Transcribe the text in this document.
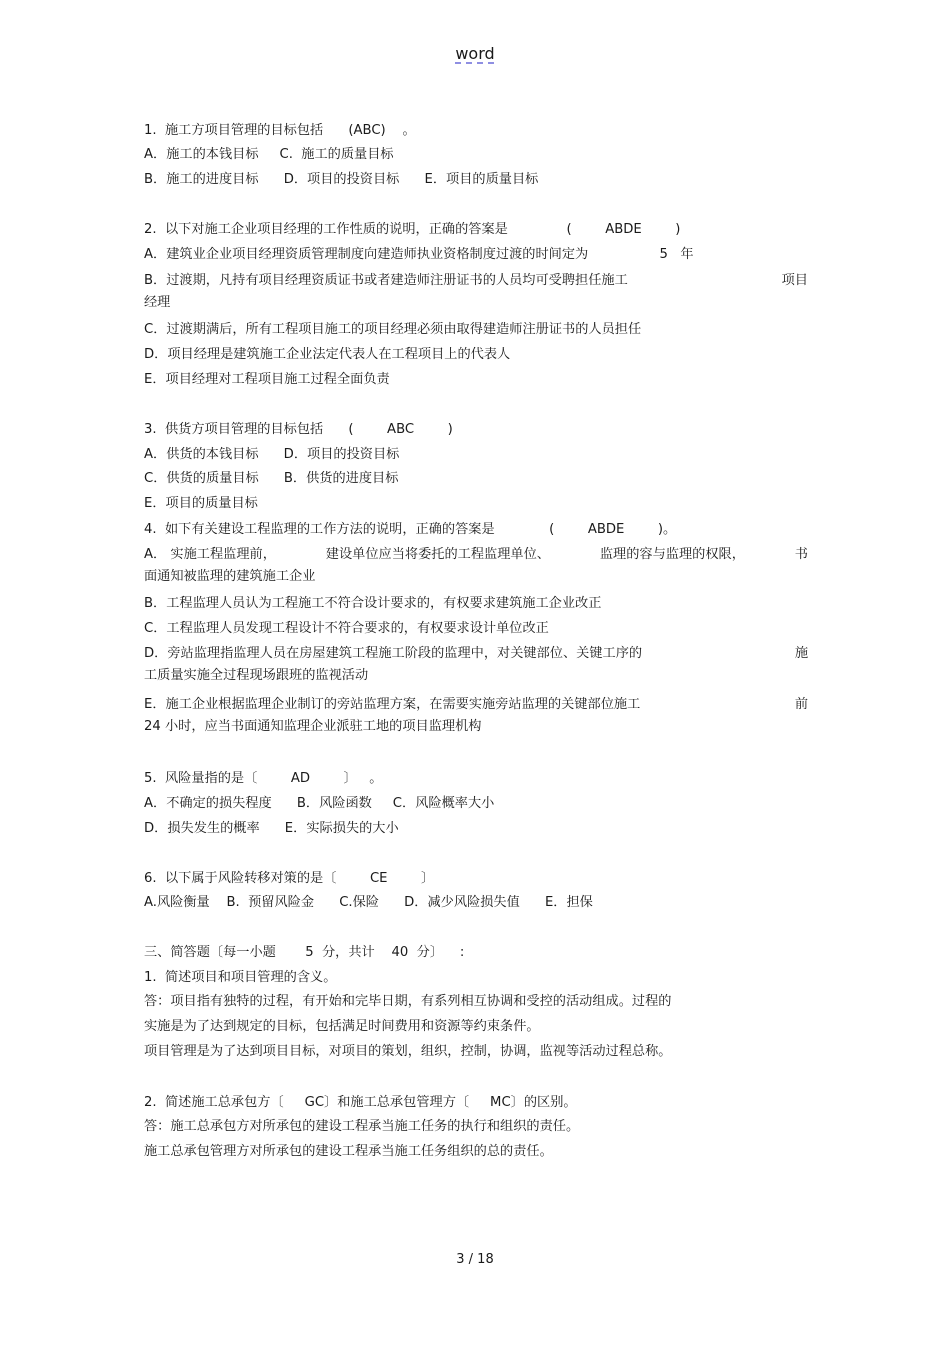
word
1.  施工方项目管理的目标包括      (ABC)    。
A．施工的本钱目标     C.  施工的质量目标
B．施工的进度目标      D．项目的投资目标      E．项目的质量目标
2.  以下对施工企业项目经理的工作性质的说明，正确的答案是              (        ABDE        )
A．建筑业企业项目经理资质管理制度向建造师执业资格制度过渡的时间定为                 5   年
B．过渡期，凡持有项目经理资质证书或者建造师注册证书的人员均可受聘担任施工	项目
经理
C．过渡期满后，所有工程项目施工的项目经理必须由取得建造师注册证书的人员担任
D．项目经理是建筑施工企业法定代表人在工程项目上的代表人
E．项目经理对工程项目施工过程全面负责
3.  供货方项目管理的目标包括      (        ABC        )
A．供货的本钱目标      D．项目的投资目标
C．供货的质量目标      B．供货的进度目标
E．项目的质量目标
4.  如下有关建设工程监理的工作方法的说明，正确的答案是             (        ABDE        )。
A． 实施工程监理前，	建设单位应当将委托的工程监理单位、	监理的容与监理的权限，	书
面通知被监理的建筑施工企业
B．工程监理人员认为工程施工不符合设计要求的，有权要求建筑施工企业改正
C．工程监理人员发现工程设计不符合要求的，有权要求设计单位改正
D．旁站监理指监理人员在房屋建筑工程施工阶段的监理中，对关键部位、关键工序的	施
工质量实施全过程现场跟班的监视活动
E．施工企业根据监理企业制订的旁站监理方案，在需要实施旁站监理的关键部位施工	前
24 小时，应当书面通知监理企业派驻工地的项目监理机构
5.  风险量指的是〔        AD        〕   。
A．不确定的损失程度      B．风险函数     C．风险概率大小
D．损失发生的概率      E．实际损失的大小
6.  以下属于风险转移对策的是〔        CE        〕
A.风险衡量    B.  预留风险金      C.保险      D．减少风险损失值      E．担保
三、简答题〔每一小题       5  分，共计    40  分〕    :
1.  简述项目和项目管理的含义。
答：项目指有独特的过程，有开始和完毕日期，有系列相互协调和受控的活动组成。过程的
实施是为了达到规定的目标，包括满足时间费用和资源等约束条件。
项目管理是为了达到项目目标，对项目的策划，组织，控制，协调，监视等活动过程总称。
2.  简述施工总承包方〔     GC〕和施工总承包管理方〔     MC〕的区别。
答：施工总承包方对所承包的建设工程承当施工任务的执行和组织的责任。
施工总承包管理方对所承包的建设工程承当施工任务组织的总的责任。
3 / 18
